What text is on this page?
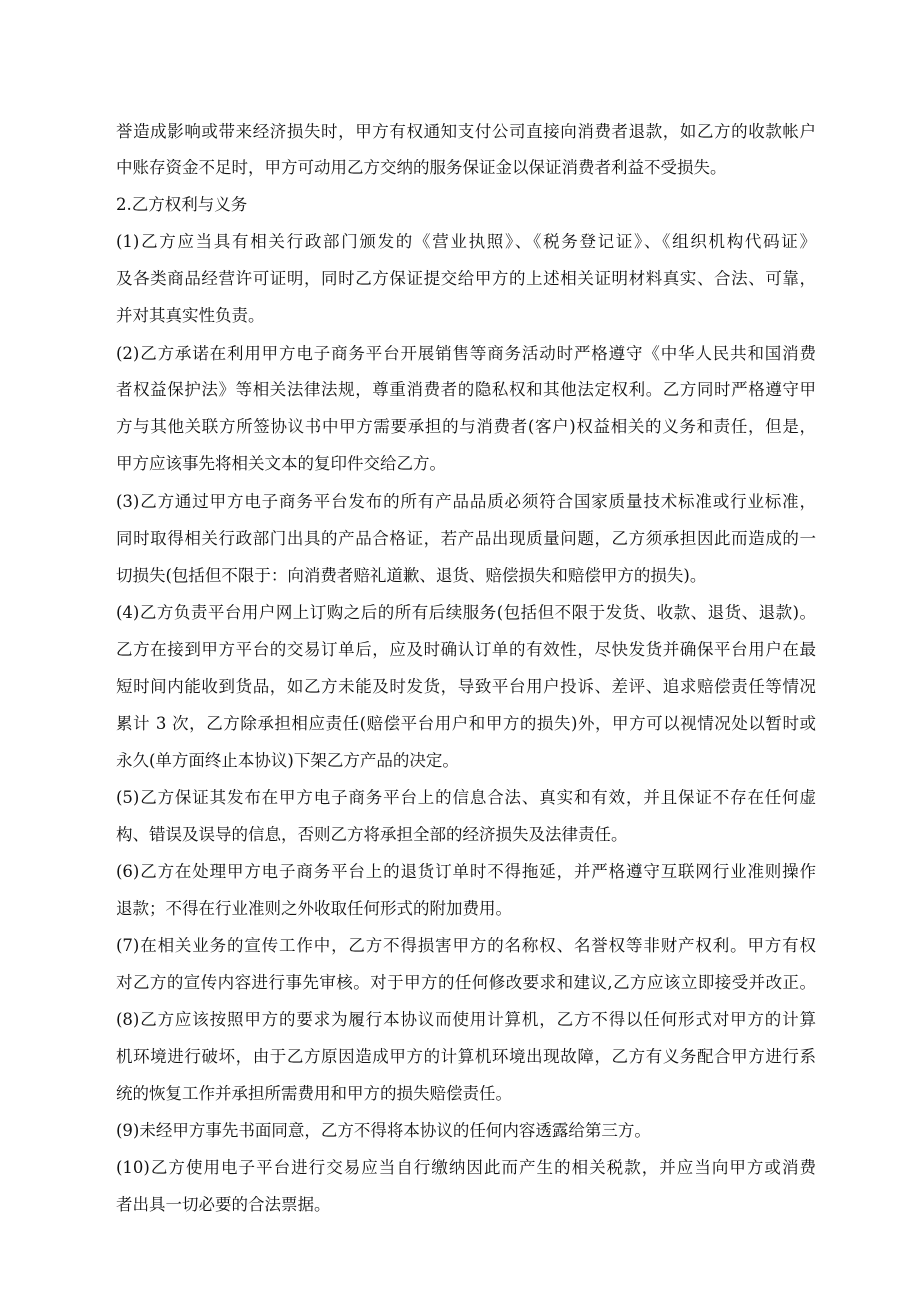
誉造成影响或带来经济损失时，甲方有权通知支付公司直接向消费者退款，如乙方的收款帐户
中账存资金不足时，甲方可动用乙方交纳的服务保证金以保证消费者利益不受损失。
2.乙方权利与义务
(1)乙方应当具有相关行政部门颁发的《营业执照》、《税务登记证》、《组织机构代码证》
及各类商品经营许可证明，同时乙方保证提交给甲方的上述相关证明材料真实、合法、可靠，
并对其真实性负责。
(2)乙方承诺在利用甲方电子商务平台开展销售等商务活动时严格遵守《中华人民共和国消费
者权益保护法》等相关法律法规，尊重消费者的隐私权和其他法定权利。乙方同时严格遵守甲
方与其他关联方所签协议书中甲方需要承担的与消费者(客户)权益相关的义务和责任，但是，
甲方应该事先将相关文本的复印件交给乙方。
(3)乙方通过甲方电子商务平台发布的所有产品品质必须符合国家质量技术标准或行业标准，
同时取得相关行政部门出具的产品合格证，若产品出现质量问题，乙方须承担因此而造成的一
切损失(包括但不限于：向消费者赔礼道歉、退货、赔偿损失和赔偿甲方的损失)。
(4)乙方负责平台用户网上订购之后的所有后续服务(包括但不限于发货、收款、退货、退款)。
乙方在接到甲方平台的交易订单后，应及时确认订单的有效性，尽快发货并确保平台用户在最
短时间内能收到货品，如乙方未能及时发货，导致平台用户投诉、差评、追求赔偿责任等情况
累计 3 次，乙方除承担相应责任(赔偿平台用户和甲方的损失)外，甲方可以视情况处以暂时或
永久(单方面终止本协议)下架乙方产品的决定。
(5)乙方保证其发布在甲方电子商务平台上的信息合法、真实和有效，并且保证不存在任何虚
构、错误及误导的信息，否则乙方将承担全部的经济损失及法律责任。
(6)乙方在处理甲方电子商务平台上的退货订单时不得拖延，并严格遵守互联网行业准则操作
退款；不得在行业准则之外收取任何形式的附加费用。
(7)在相关业务的宣传工作中，乙方不得损害甲方的名称权、名誉权等非财产权利。甲方有权
对乙方的宣传内容进行事先审核。对于甲方的任何修改要求和建议,乙方应该立即接受并改正。
(8)乙方应该按照甲方的要求为履行本协议而使用计算机，乙方不得以任何形式对甲方的计算
机环境进行破坏，由于乙方原因造成甲方的计算机环境出现故障，乙方有义务配合甲方进行系
统的恢复工作并承担所需费用和甲方的损失赔偿责任。
(9)未经甲方事先书面同意，乙方不得将本协议的任何内容透露给第三方。
(10)乙方使用电子平台进行交易应当自行缴纳因此而产生的相关税款，并应当向甲方或消费
者出具一切必要的合法票据。
